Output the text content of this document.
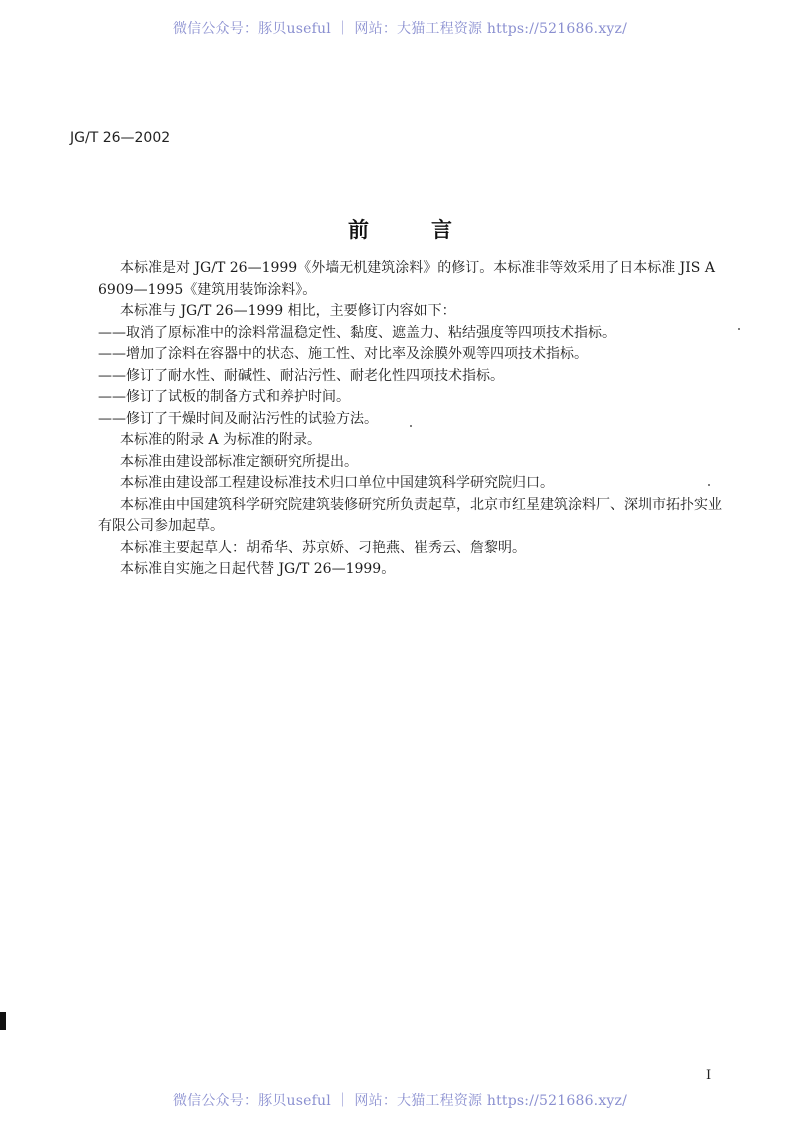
微信公众号：豚贝useful ｜ 网站：大猫工程资源 https://521686.xyz/
JG/T 26—2002
前言

本标准是对 JG/T 26—1999《外墙无机建筑涂料》的修订。本标准非等效采用了日本标准 JIS A
6909—1995《建筑用装饰涂料》。

本标准与 JG/T 26—1999 相比，主要修订内容如下：

——取消了原标准中的涂料常温稳定性、黏度、遮盖力、粘结强度等四项技术指标。

——增加了涂料在容器中的状态、施工性、对比率及涂膜外观等四项技术指标。

——修订了耐水性、耐碱性、耐沾污性、耐老化性四项技术指标。

——修订了试板的制备方式和养护时间。

——修订了干燥时间及耐沾污性的试验方法。

本标准的附录 A 为标准的附录。

本标准由建设部标准定额研究所提出。

本标准由建设部工程建设标准技术归口单位中国建筑科学研究院归口。

本标准由中国建筑科学研究院建筑装修研究所负责起草，北京市红星建筑涂料厂、深圳市拓扑实业
有限公司参加起草。

本标准主要起草人：胡希华、苏京娇、刁艳燕、崔秀云、詹黎明。

本标准自实施之日起代替 JG/T 26—1999。

I
微信公众号：豚贝useful ｜ 网站：大猫工程资源 https://521686.xyz/
